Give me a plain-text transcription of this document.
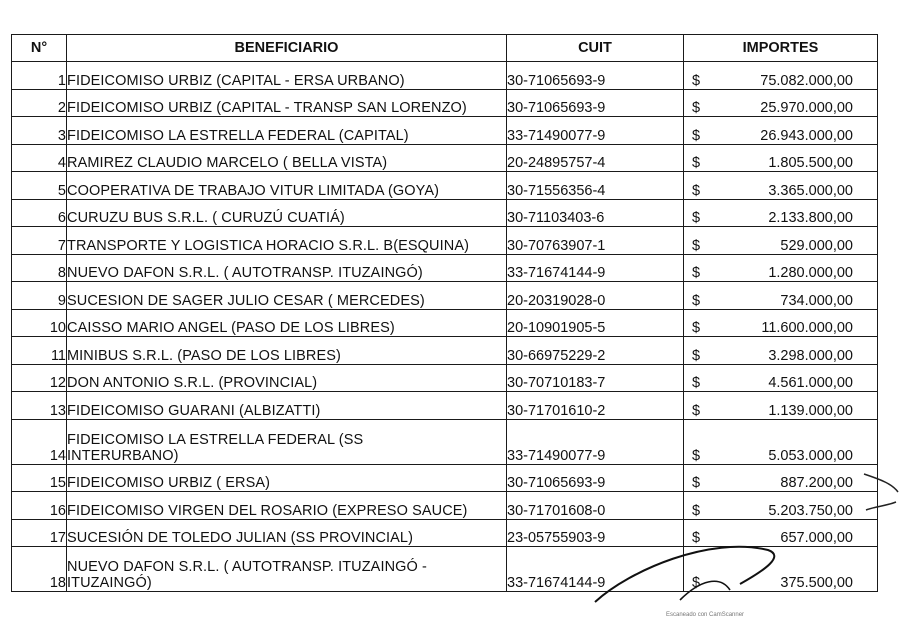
N°	BENEFICIARIO	CUIT	IMPORTES
1	FIDEICOMISO URBIZ (CAPITAL - ERSA URBANO)	30-71065693-9	$ 75.082.000,00

2	FIDEICOMISO URBIZ (CAPITAL - TRANSP SAN LORENZO)	30-71065693-9	$ 25.970.000,00

3	FIDEICOMISO LA ESTRELLA FEDERAL (CAPITAL)	33-71490077-9	$ 26.943.000,00

4	RAMIREZ CLAUDIO MARCELO ( BELLA VISTA)	20-24895757-4	$ 1.805.500,00

5	COOPERATIVA DE TRABAJO VITUR LIMITADA (GOYA)	30-71556356-4	$ 3.365.000,00

6	CURUZU BUS S.R.L. ( CURUZÚ CUATIÁ)	30-71103403-6	$ 2.133.800,00

7	TRANSPORTE Y LOGISTICA HORACIO S.R.L. B(ESQUINA)	30-70763907-1	$ 529.000,00

8	NUEVO DAFON S.R.L. ( AUTOTRANSP. ITUZAINGÓ)	33-71674144-9	$ 1.280.000,00

9	SUCESION DE SAGER JULIO CESAR ( MERCEDES)	20-20319028-0	$ 734.000,00

10	CAISSO MARIO ANGEL (PASO DE LOS LIBRES)	20-10901905-5	$ 11.600.000,00

11	MINIBUS S.R.L. (PASO DE LOS LIBRES)	30-66975229-2	$ 3.298.000,00

12	DON ANTONIO S.R.L. (PROVINCIAL)	30-70710183-7	$ 4.561.000,00

13	FIDEICOMISO GUARANI (ALBIZATTI)	30-71701610-2	$ 1.139.000,00

14	FIDEICOMISO LA ESTRELLA FEDERAL (SS
INTERURBANO)	33-71490077-9	$ 5.053.000,00

15	FIDEICOMISO URBIZ ( ERSA)	30-71065693-9	$ 887.200,00

16	FIDEICOMISO VIRGEN DEL ROSARIO (EXPRESO SAUCE)	30-71701608-0	$ 5.203.750,00

17	SUCESIÓN DE TOLEDO JULIAN (SS PROVINCIAL)	23-05755903-9	$ 657.000,00

18	NUEVO DAFON S.R.L. ( AUTOTRANSP. ITUZAINGÓ -
ITUZAINGÓ)	33-71674144-9	$ 375.500,00
Escaneado con CamScanner
